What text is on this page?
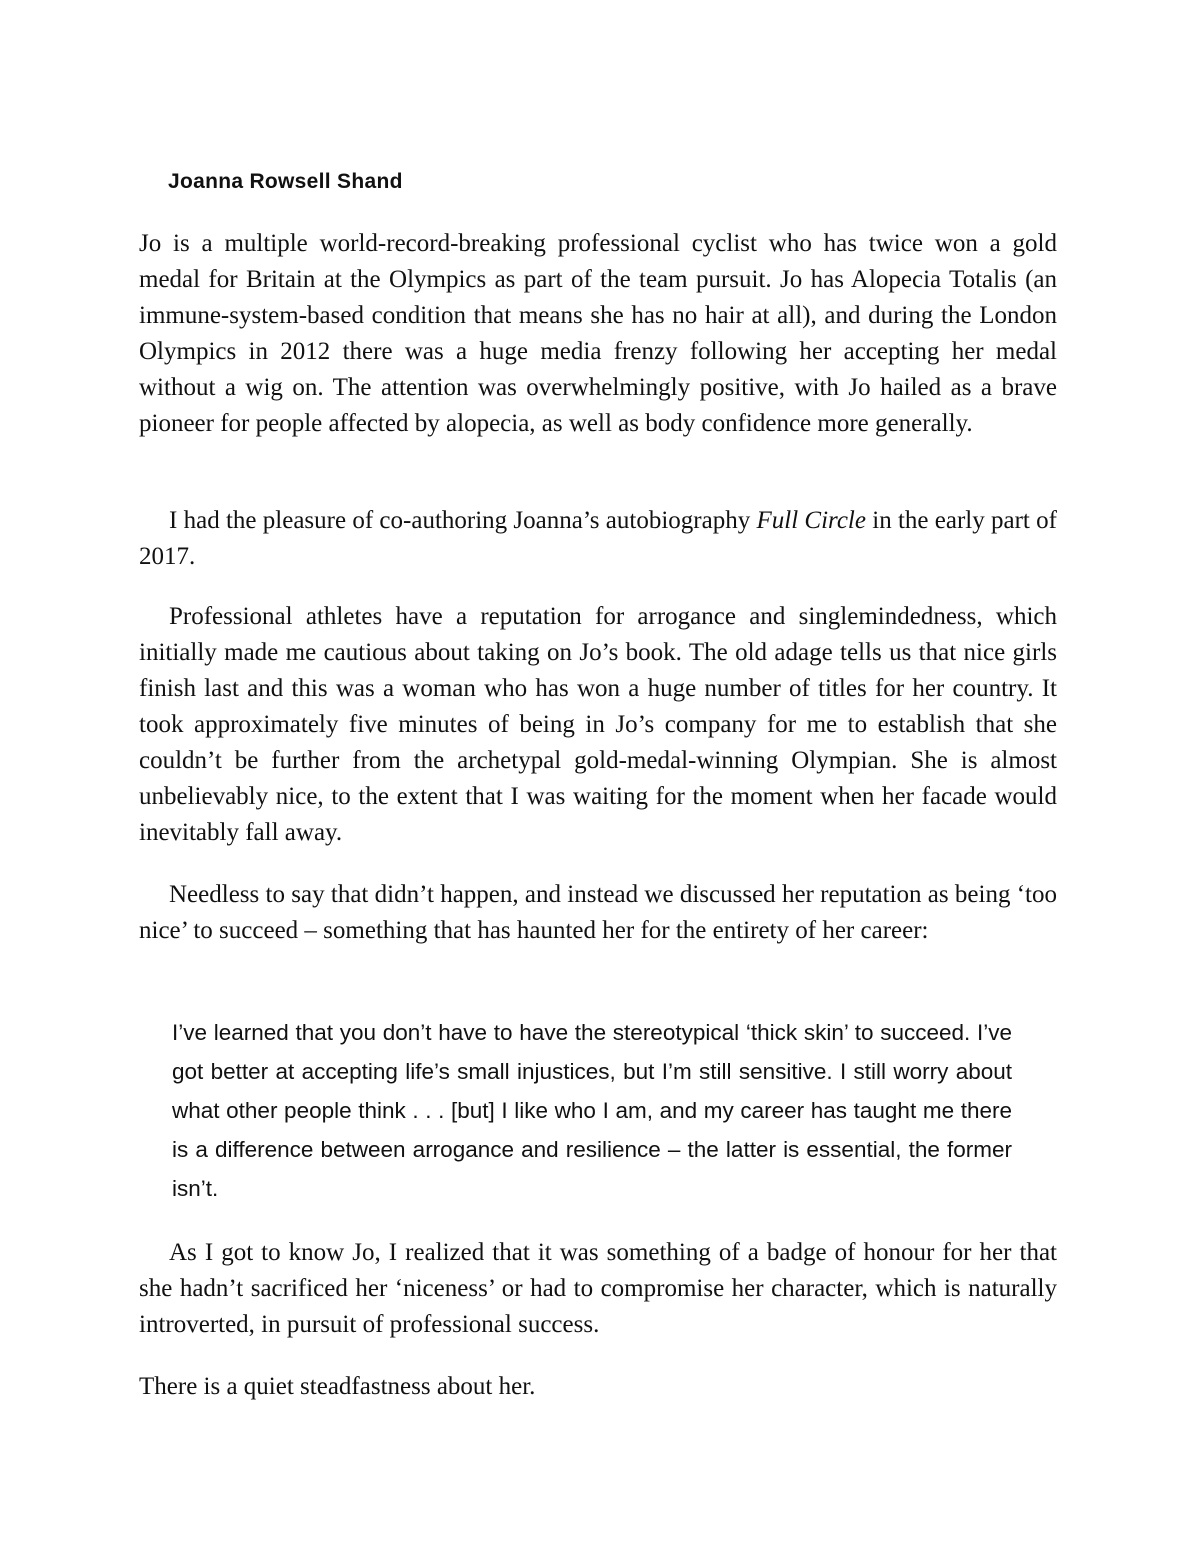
Joanna Rowsell Shand

Jo is a multiple world-record-breaking professional cyclist who has twice won a gold medal for Britain at the Olympics as part of the team pursuit. Jo has Alopecia Totalis (an immune-system-based condition that means she has no hair at all), and during the London Olympics in 2012 there was a huge media frenzy following her accepting her medal without a wig on. The attention was overwhelmingly positive, with Jo hailed as a brave pioneer for people affected by alopecia, as well as body confidence more generally.

I had the pleasure of co-authoring Joanna’s autobiography Full Circle in the early part of 2017.

Professional athletes have a reputation for arrogance and singlemindedness, which initially made me cautious about taking on Jo’s book. The old adage tells us that nice girls finish last and this was a woman who has won a huge number of titles for her country. It took approximately five minutes of being in Jo’s company for me to establish that she couldn’t be further from the archetypal gold-medal-winning Olympian. She is almost unbelievably nice, to the extent that I was waiting for the moment when her facade would inevitably fall away.

Needless to say that didn’t happen, and instead we discussed her reputation as being ‘too nice’ to succeed – something that has haunted her for the entirety of her career:

I’ve learned that you don’t have to have the stereotypical ‘thick skin’ to succeed. I’ve got better at accepting life’s small injustices, but I’m still sensitive. I still worry about what other people think . . . [but] I like who I am, and my career has taught me there is a difference between arrogance and resilience – the latter is essential, the former isn’t.

As I got to know Jo, I realized that it was something of a badge of honour for her that she hadn’t sacrificed her ‘niceness’ or had to compromise her character, which is naturally introverted, in pursuit of professional success.

There is a quiet steadfastness about her.
